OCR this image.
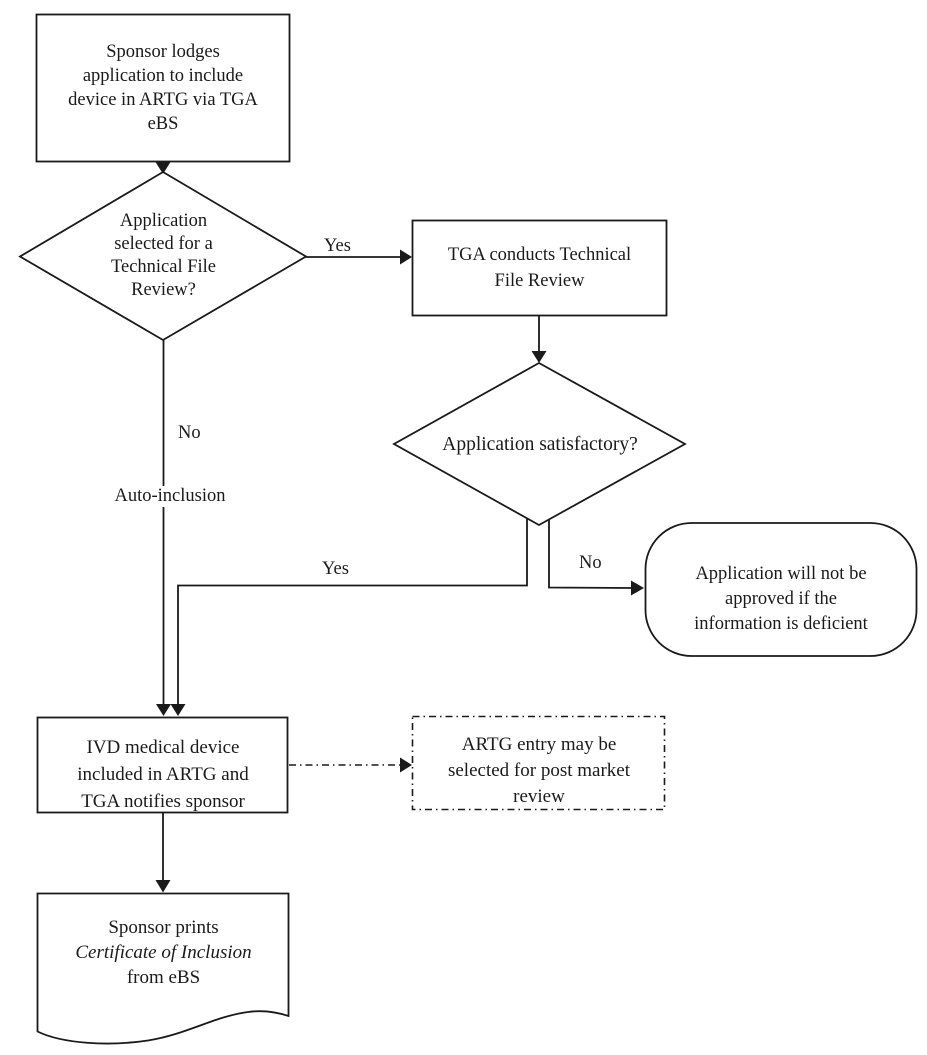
Sponsor lodges
application to include
device in ARTG via TGA
eBS
Application
selected for a
Technical File
Review?
TGA conducts Technical
File Review
Application satisfactory?
Application will not be
approved if the
information is deficient
IVD medical device
included in ARTG and
TGA notifies sponsor
ARTG entry may be
selected for post market
review
Sponsor prints
Certificate of Inclusion
from eBS
Yes
No
Auto-inclusion
Yes	No
